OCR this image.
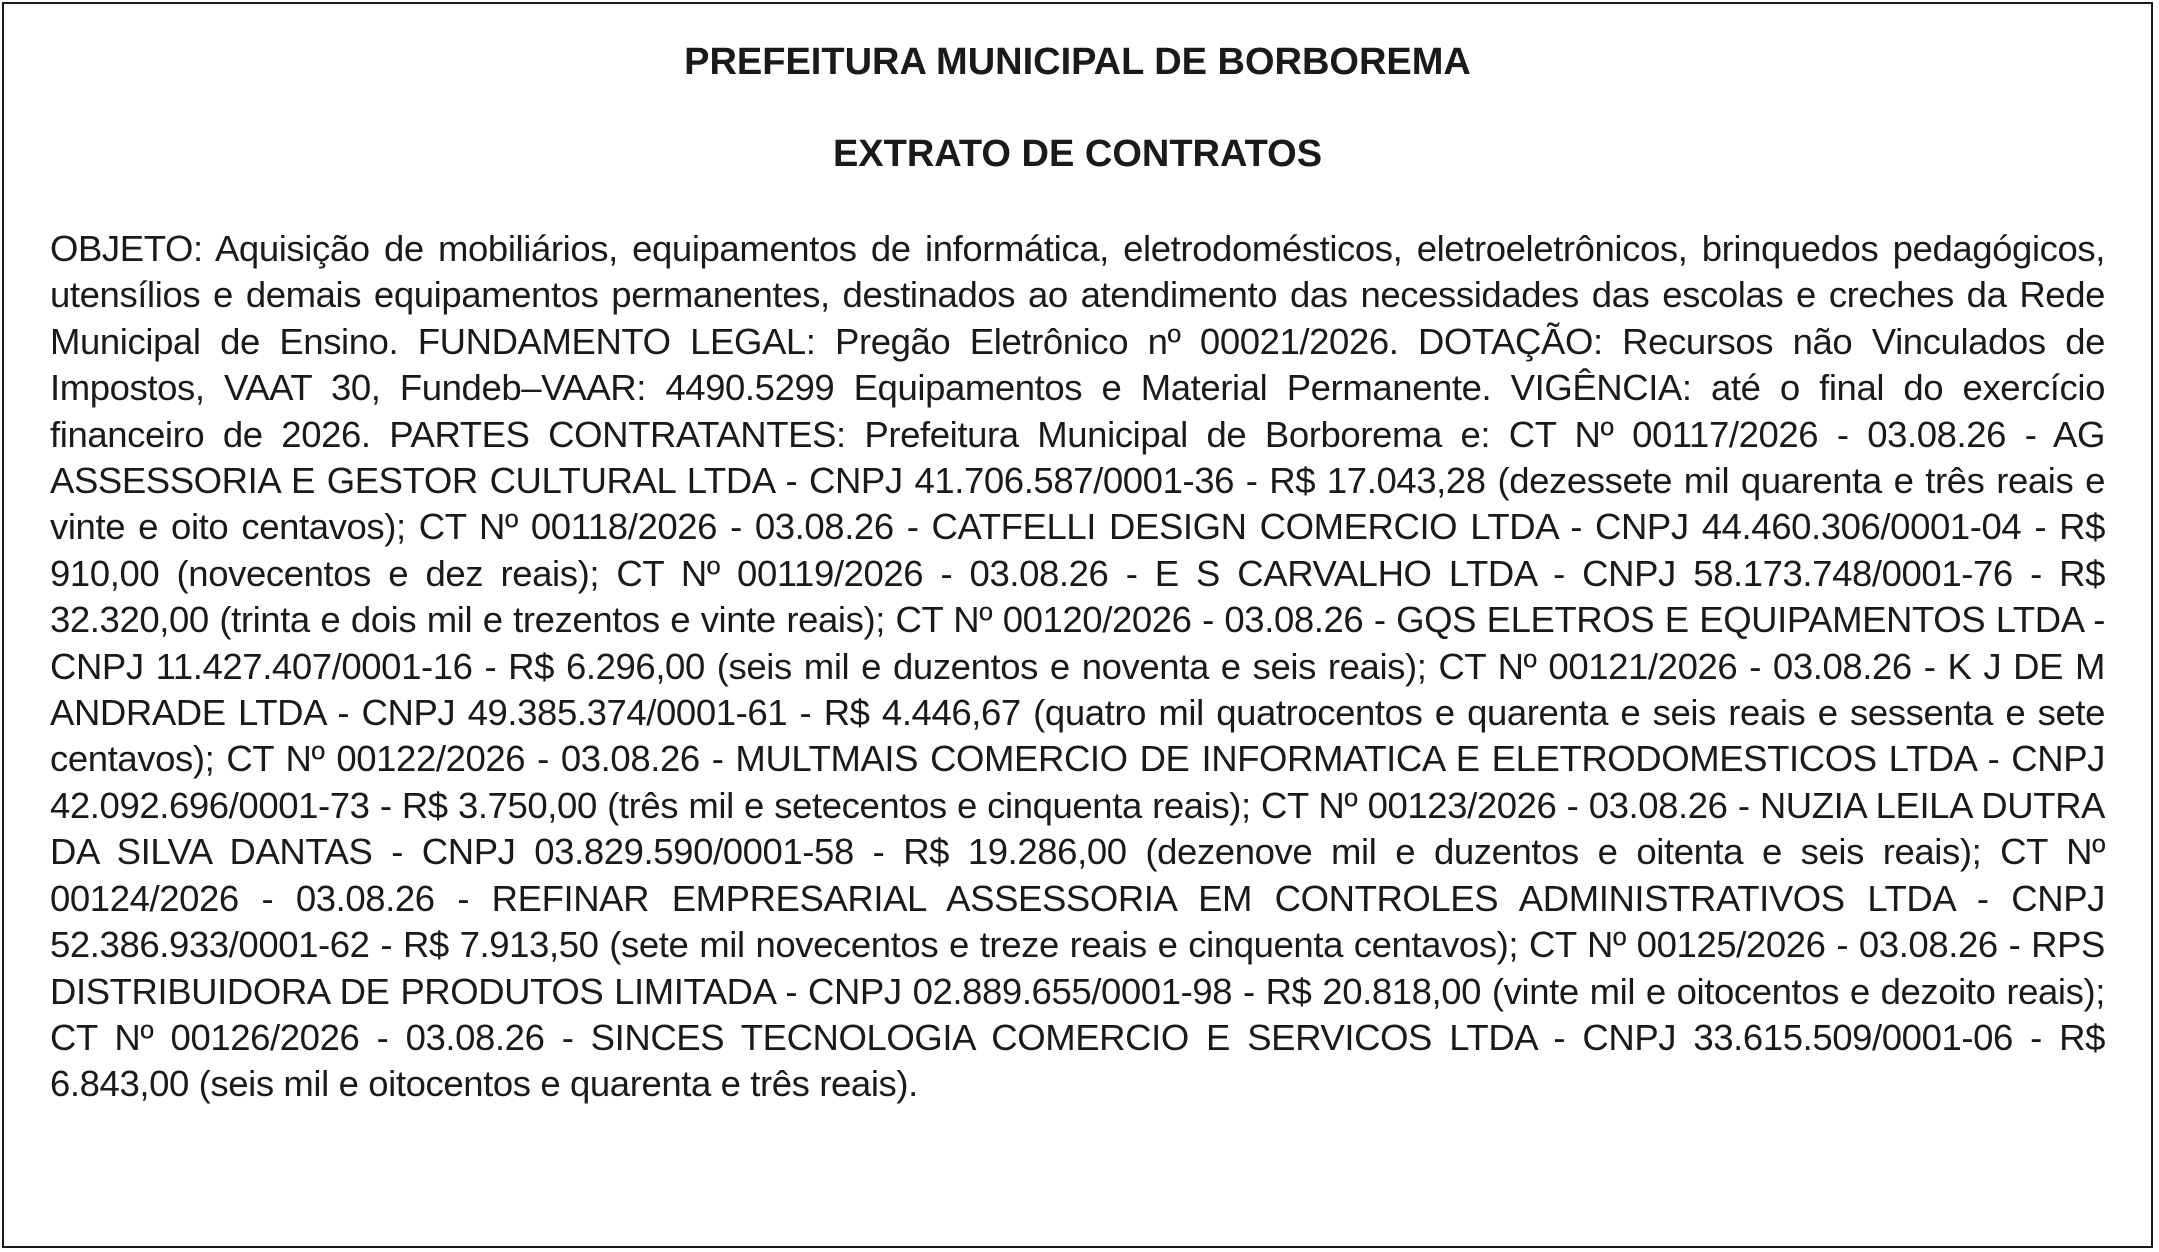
PREFEITURA MUNICIPAL DE BORBOREMA
EXTRATO DE CONTRATOS

OBJETO: Aquisição de mobiliários, equipamentos de informática, eletrodomésticos, eletroeletrônicos, brinquedos pedagógicos, utensílios e demais equipamentos permanentes, destinados ao atendimento das necessidades das escolas e creches da Rede Municipal de Ensino. FUNDAMENTO LEGAL: Pregão Eletrônico nº 00021/2026. DOTAÇÃO: Recursos não Vinculados de Impostos, VAAT 30, Fundeb–VAAR: 4490.5299 Equipamentos e Material Permanente. VIGÊNCIA: até o final do exercício financeiro de 2026. PARTES CONTRATANTES: Prefeitura Municipal de Borborema e: CT Nº 00117/2026 - 03.08.26 - AG ASSESSORIA E GESTOR CULTURAL LTDA - CNPJ 41.706.587/0001-36 - R$ 17.043,28 (dezessete mil quarenta e três reais e vinte e oito centavos); CT Nº 00118/2026 - 03.08.26 - CATFELLI DESIGN COMERCIO LTDA - CNPJ 44.460.306/0001-04 - R$ 910,00 (novecentos e dez reais); CT Nº 00119/2026 - 03.08.26 - E S CARVALHO LTDA - CNPJ 58.173.748/0001-76 - R$ 32.320,00 (trinta e dois mil e trezentos e vinte reais); CT Nº 00120/2026 - 03.08.26 - GQS ELETROS E EQUIPAMENTOS LTDA - CNPJ 11.427.407/0001-16 - R$ 6.296,00 (seis mil e duzentos e noventa e seis reais); CT Nº 00121/2026 - 03.08.26 - K J DE M ANDRADE LTDA - CNPJ 49.385.374/0001-61 - R$ 4.446,67 (quatro mil quatrocentos e quarenta e seis reais e sessenta e sete centavos); CT Nº 00122/2026 - 03.08.26 - MULTMAIS COMERCIO DE INFORMATICA E ELETRODOMESTICOS LTDA - CNPJ 42.092.696/0001-73 - R$ 3.750,00 (três mil e setecentos e cinquenta reais); CT Nº 00123/2026 - 03.08.26 - NUZIA LEILA DUTRA DA SILVA DANTAS - CNPJ 03.829.590/0001-58 - R$ 19.286,00 (dezenove mil e duzentos e oitenta e seis reais); CT Nº 00124/2026 - 03.08.26 - REFINAR EMPRESARIAL ASSESSORIA EM CONTROLES ADMINISTRATIVOS LTDA - CNPJ 52.386.933/0001-62 - R$ 7.913,50 (sete mil novecentos e treze reais e cinquenta centavos); CT Nº 00125/2026 - 03.08.26 - RPS DISTRIBUIDORA DE PRODUTOS LIMITADA - CNPJ 02.889.655/0001-98 - R$ 20.818,00 (vinte mil e oitocentos e dezoito reais); CT Nº 00126/2026 - 03.08.26 - SINCES TECNOLOGIA COMERCIO E SERVICOS LTDA - CNPJ 33.615.509/0001-06 - R$ 6.843,00 (seis mil e oitocentos e quarenta e três reais).
